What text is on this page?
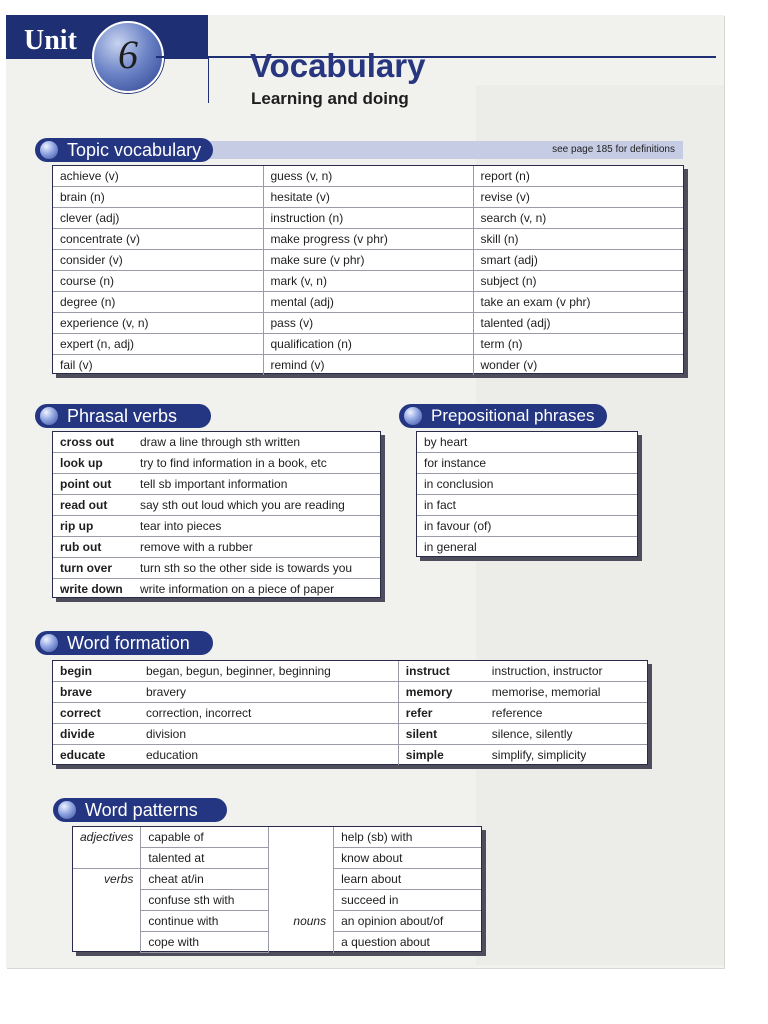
Unit	6	Vocabulary
Learning and doing
see page 185 for definitions
Topic vocabulary
achieve (v)	guess (v, n)	report (n)
brain (n)	hesitate (v)	revise (v)
clever (adj)	instruction (n)	search (v, n)
concentrate (v)	make progress (v phr)	skill (n)
consider (v)	make sure (v phr)	smart (adj)
course (n)	mark (v, n)	subject (n)
degree (n)	mental (adj)	take an exam (v phr)
experience (v, n)	pass (v)	talented (adj)
expert (n, adj)	qualification (n)	term (n)
fail (v)	remind (v)	wonder (v)
Phrasal verbs
cross out	draw a line through sth written
look up	try to find information in a book, etc
point out	tell sb important information
read out	say sth out loud which you are reading
rip up	tear into pieces
rub out	remove with a rubber
turn over	turn sth so the other side is towards you
write down	write information on a piece of paper
Prepositional phrases
by heart
for instance
in conclusion
in fact
in favour (of)
in general
Word formation
begin	began, begun, beginner, beginning	instruct	instruction, instructor
brave	bravery	memory	memorise, memorial
correct	correction, incorrect	refer	reference
divide	division	silent	silence, silently
educate	education	simple	simplify, simplicity
Word patterns
adjectives	capable of		help (sb) with
	talented at		know about
verbs	cheat at/in		learn about
	confuse sth with		succeed in
	continue with	nouns	an opinion about/of
	cope with		a question about
